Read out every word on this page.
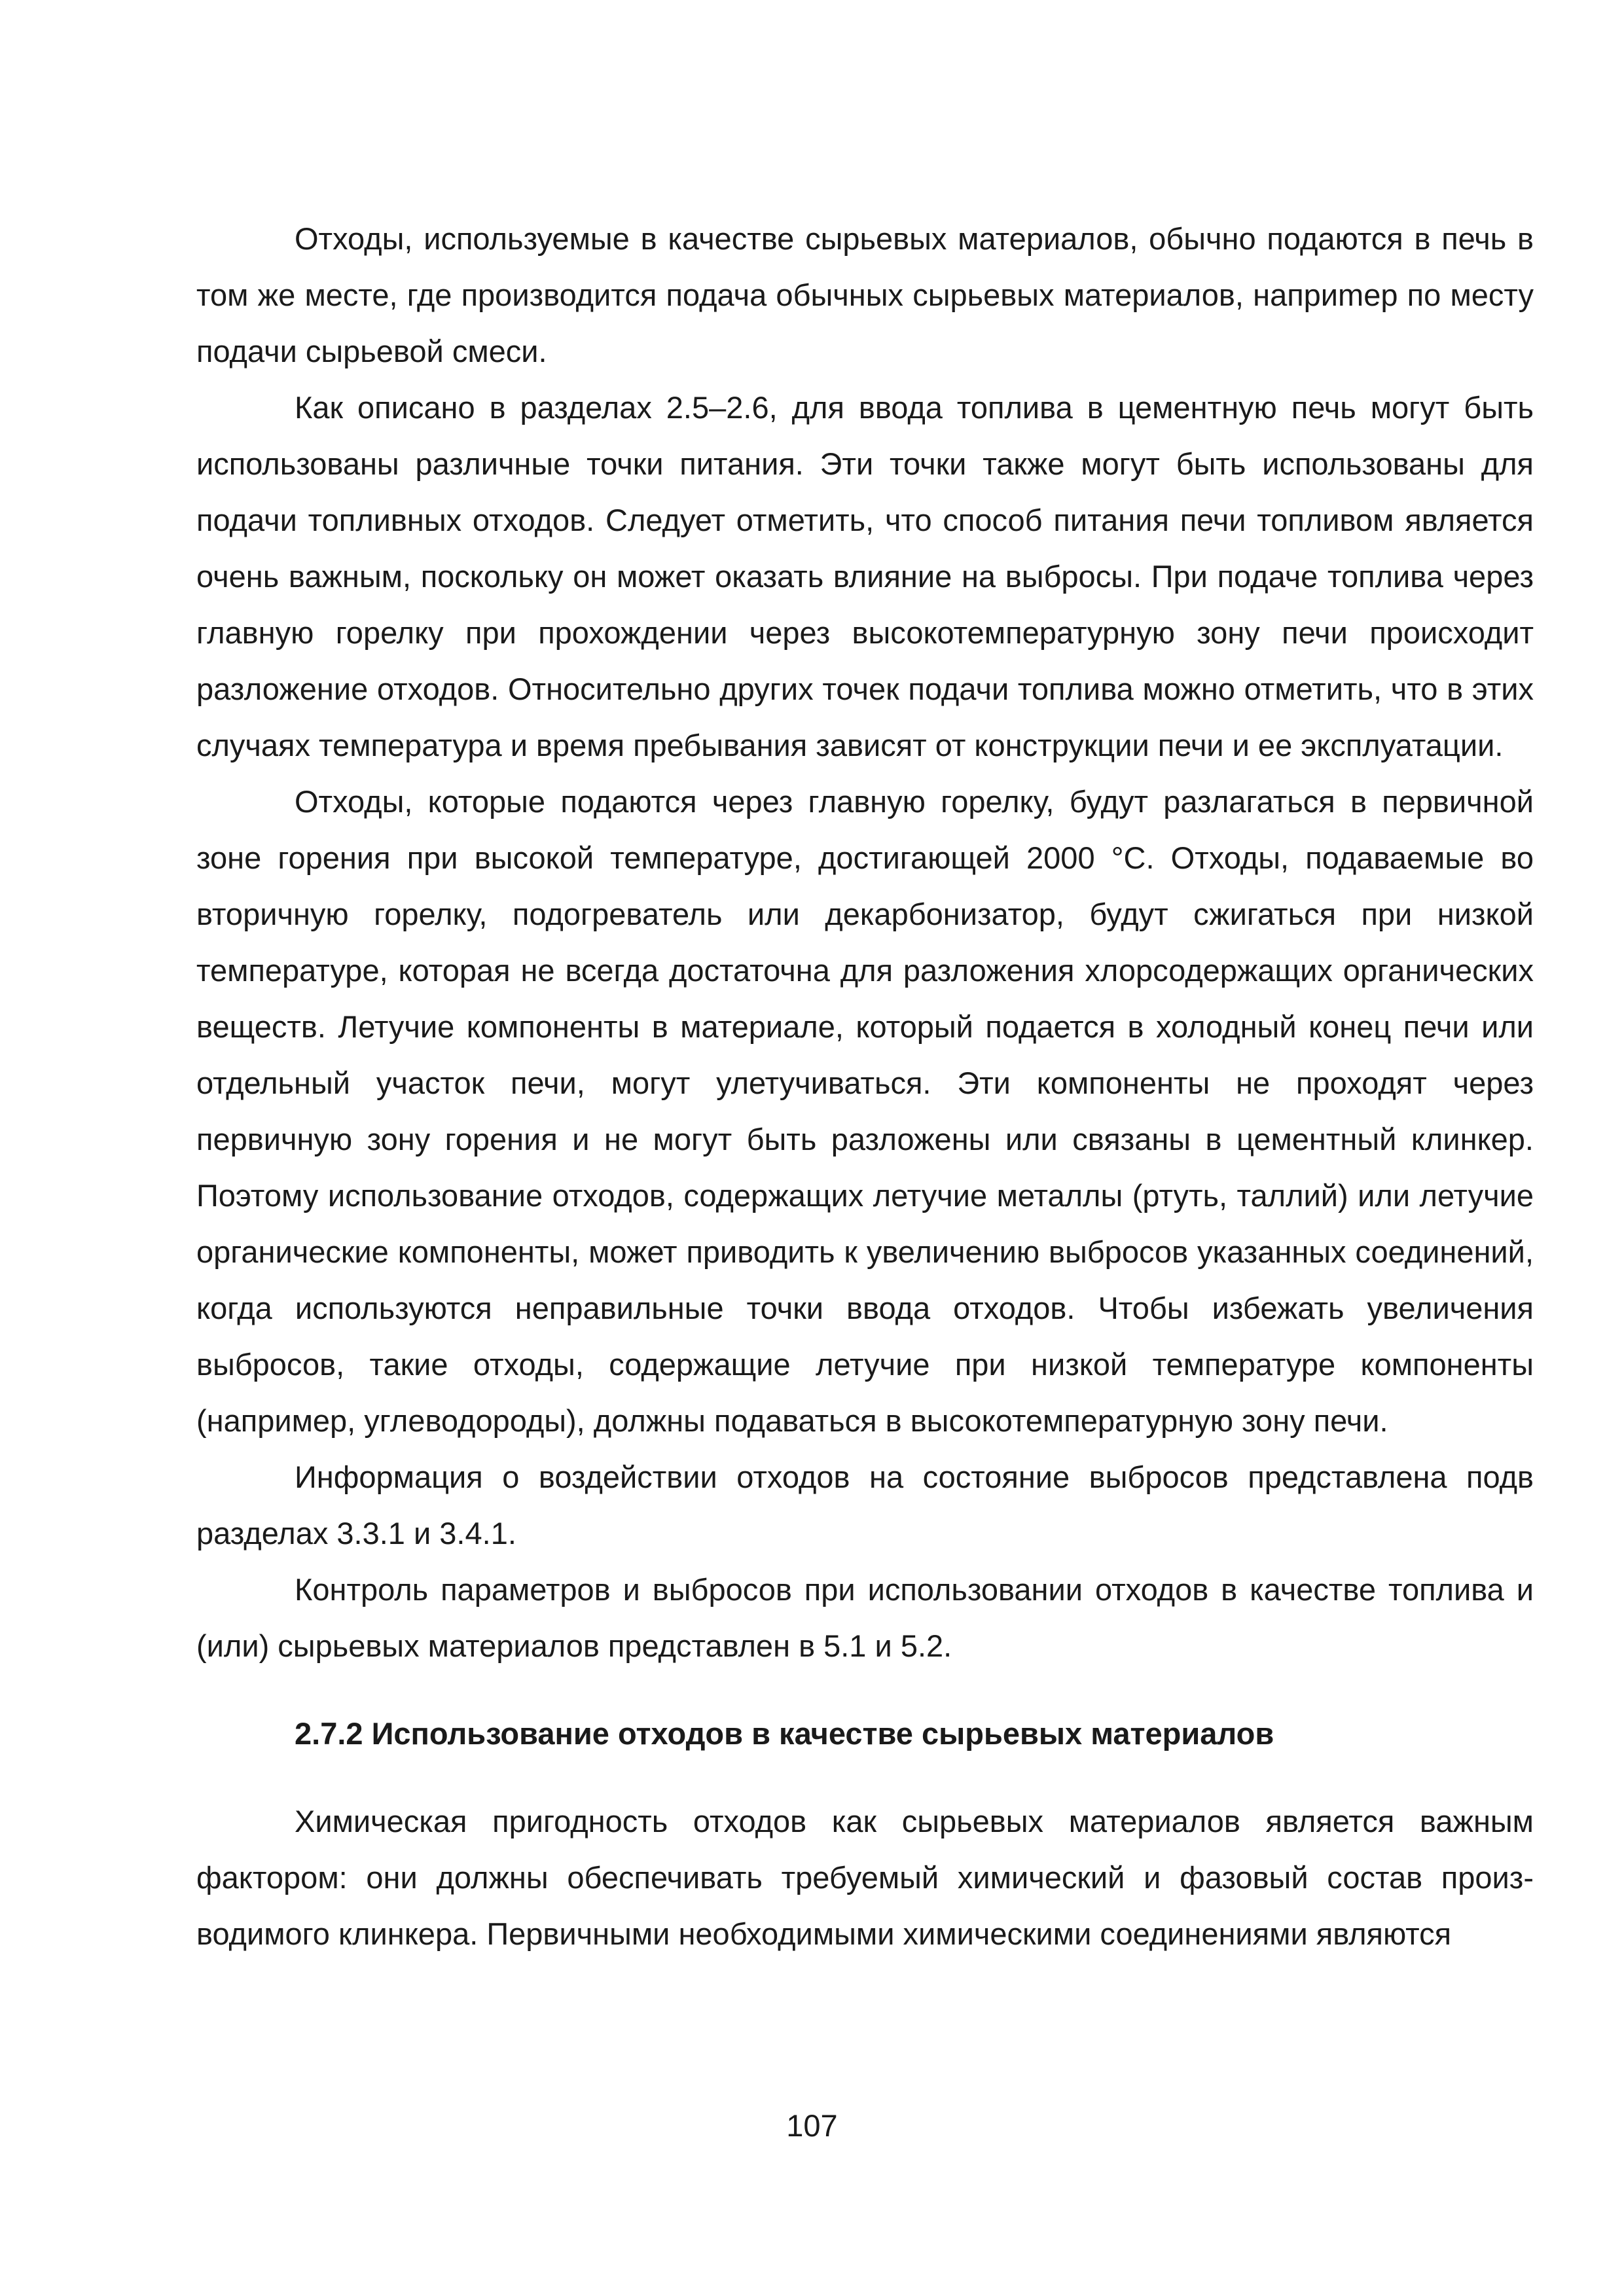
Отходы, используемые в качестве сырьевых материалов, обычно подаются в печь в том же месте, где производится подача обычных сырьевых материалов, наприmер по месту подачи сырьевой смеси.

Как описано в разделах 2.5–2.6, для ввода топлива в цементную печь могут быть использованы различные точки питания. Эти точки также могут быть использованы для подачи топливных отходов. Следует отметить, что способ питания печи топливом является очень важным, поскольку он может оказать влияние на выбросы. При подаче топлива через главную горелку при прохождении через высокотемпературную зону печи происходит разложение отходов. Относительно других точек подачи топлива можно отметить, что в этих случаях температура и время пребывания зависят от конструкции печи и ее эксплуатации.

Отходы, которые подаются через главную горелку, будут разлагаться в первичной зоне горения при высокой температуре, достигающей 2000 °С. Отходы, подаваемые во вторичную горелку, подогреватель или декарбонизатор, будут сжигаться при низкой температуре, которая не всегда достаточна для разложения хлорсодержащих органических веществ. Летучие компоненты в материале, который подается в холодный конец печи или отдельный участок печи, могут улетучиваться. Эти компоненты не проходят через первичную зону горения и не могут быть разложены или связаны в цементный клинкер. Поэтому использование отходов, содержащих летучие металлы (ртуть, таллий) или летучие органические компоненты, может приводить к увеличению выбросов указанных соединений, когда используются неправильные точки ввода отходов. Чтобы избежать увеличения выбросов, такие отходы, содержащие летучие при низкой температуре компоненты (например, углеводороды), должны подаваться в высокотемпературную зону печи.

Информация о воздействии отходов на состояние выбросов представлена подв разделах 3.3.1 и 3.4.1.

Контроль параметров и выбросов при использовании отходов в качестве топлива и (или) сырьевых материалов представлен в 5.1 и 5.2.

2.7.2 Использование отходов в качестве сырьевых материалов

Химическая пригодность отходов как сырьевых материалов является важным фактором: они должны обеспечивать требуемый химический и фазовый состав производимого клинкера. Первичными необходимыми химическими соединениями являются

107
